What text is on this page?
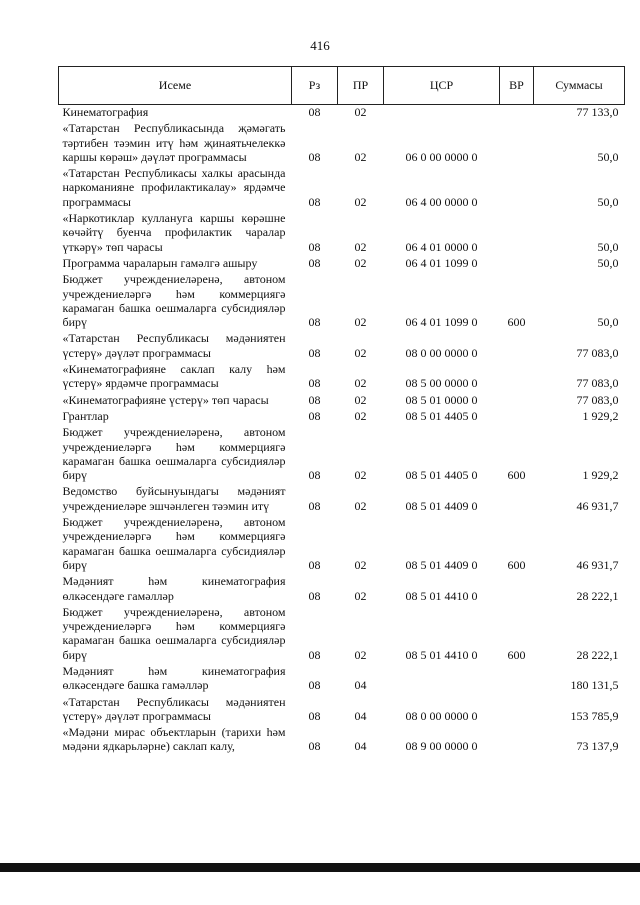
416
Исеме	Рз	ПР	ЦСР	ВР	Суммасы
Кинематография	08	02			77 133,0
«Татарстан Республикасында җәмәгать тәртибен тәэмин итү һәм җинаятьчелеккә каршы көрәш» дәүләт программасы	08	02	06 0 00 0000 0		50,0
«Татарстан Республикасы халкы арасында наркоманияне профилактикалау» ярдәмче программасы	08	02	06 4 00 0000 0		50,0
«Наркотиклар куллануга каршы көрәшне көчәйтү буенча профилактик чаралар үткәрү» төп чарасы	08	02	06 4 01 0000 0		50,0
Программа чараларын гамәлгә ашыру	08	02	06 4 01 1099 0		50,0
Бюджет учреждениеләренә, автоном учреждениеләргә һәм коммерциягә карамаган башка оешмаларга субсидияләр бирү	08	02	06 4 01 1099 0	600	50,0
«Татарстан Республикасы мәдәниятен үстерү» дәүләт программасы	08	02	08 0 00 0000 0		77 083,0
«Кинематографияне саклап калу һәм үстерү» ярдәмче программасы	08	02	08 5 00 0000 0		77 083,0
«Кинематографияне үстерү» төп чарасы	08	02	08 5 01 0000 0		77 083,0
Грантлар	08	02	08 5 01 4405 0		1 929,2
Бюджет учреждениеләренә, автоном учреждениеләргә һәм коммерциягә карамаган башка оешмаларга субсидияләр бирү	08	02	08 5 01 4405 0	600	1 929,2
Ведомство буйсынуындагы мәдәният учреждениеләре эшчәнлеген тәэмин итү	08	02	08 5 01 4409 0		46 931,7
Бюджет учреждениеләренә, автоном учреждениеләргә һәм коммерциягә карамаган башка оешмаларга субсидияләр бирү	08	02	08 5 01 4409 0	600	46 931,7
Мәдәният һәм кинематография өлкәсендәге гамәлләр	08	02	08 5 01 4410 0		28 222,1
Бюджет учреждениеләренә, автоном учреждениеләргә һәм коммерциягә карамаган башка оешмаларга субсидияләр бирү	08	02	08 5 01 4410 0	600	28 222,1
Мәдәният һәм кинематография өлкәсендәге башка гамәлләр	08	04			180 131,5
«Татарстан Республикасы мәдәниятен үстерү» дәүләт программасы	08	04	08 0 00 0000 0		153 785,9
«Мәдәни мирас объектларын (тарихи һәм мәдәни ядкарьләрне) саклап калу,	08	04	08 9 00 0000 0		73 137,9
